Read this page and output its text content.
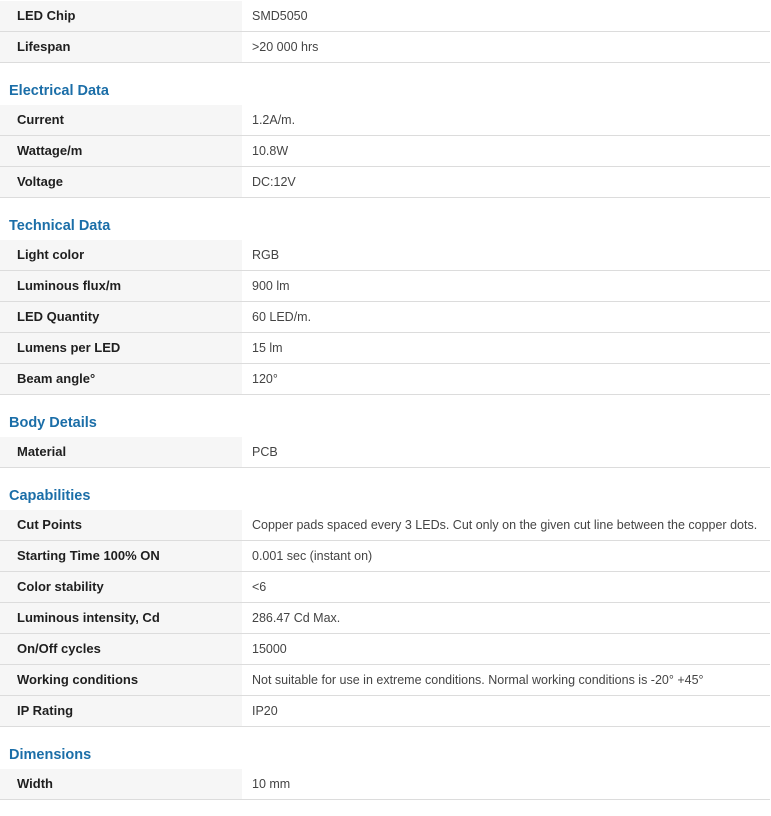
LED Chip	SMD5050
Lifespan	>20 000 hrs
Electrical Data
Current	1.2A/m.
Wattage/m	10.8W
Voltage	DC:12V
Technical Data
Light color	RGB
Luminous flux/m	900 lm
LED Quantity	60 LED/m.
Lumens per LED	15 lm
Beam angle°	120°
Body Details
Material	PCB
Capabilities
Cut Points	Copper pads spaced every 3 LEDs. Cut only on the given cut line between the copper dots.
Starting Time 100% ON	0.001 sec (instant on)
Color stability	<6
Luminous intensity, Cd	286.47 Cd Max.
On/Off cycles	15000
Working conditions	Not suitable for use in extreme conditions. Normal working conditions is -20° +45°
IP Rating	IP20
Dimensions
Width	10 mm
